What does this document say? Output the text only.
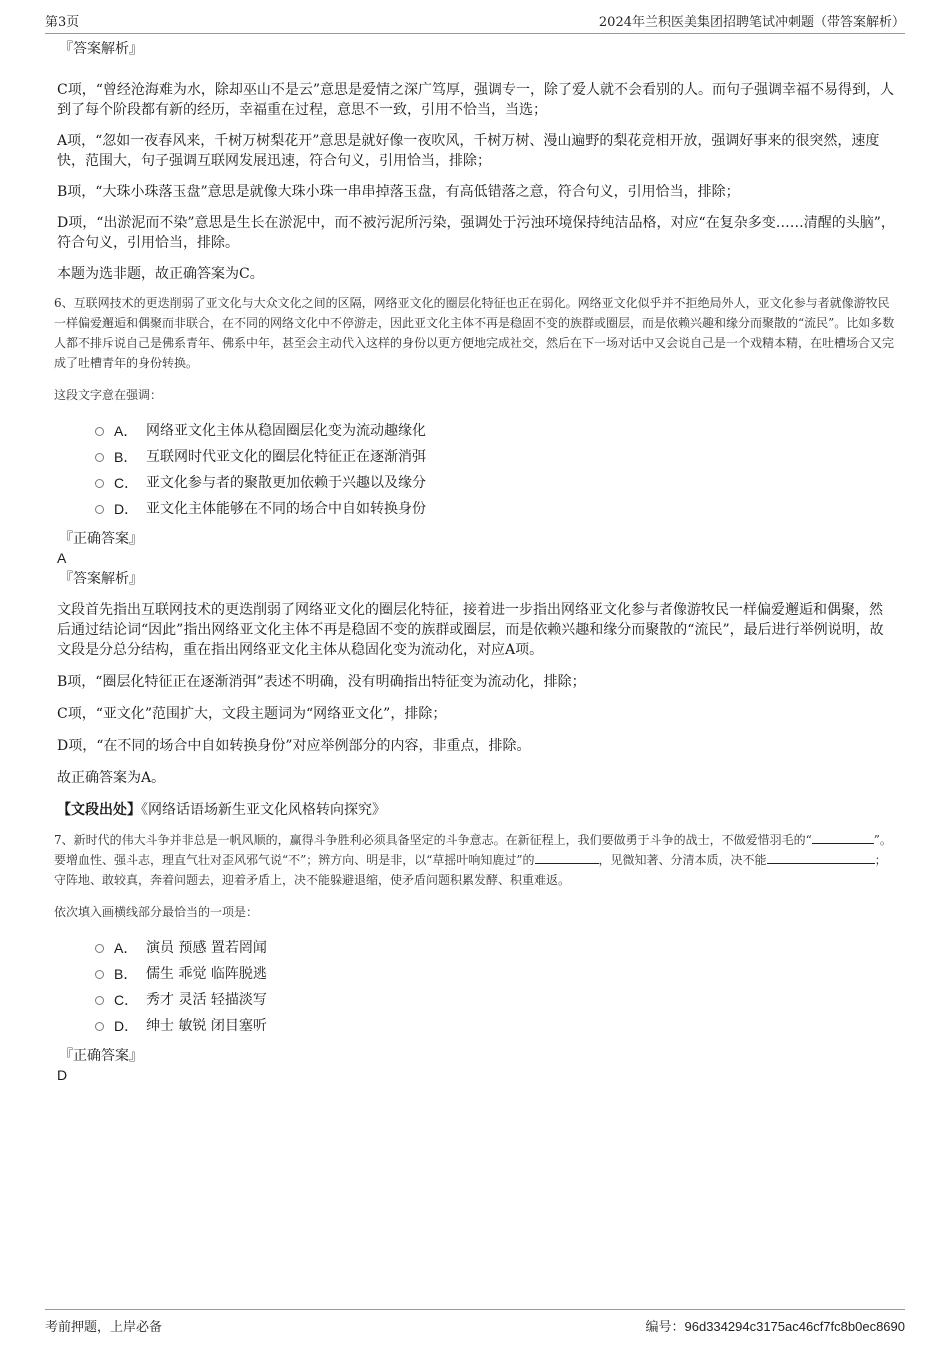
第3页	2024年兰积医美集团招聘笔试冲刺题（带答案解析）
『答案解析』
C项，“曾经沧海难为水，除却巫山不是云”意思是爱情之深广笃厚，强调专一，除了爱人就不会看别的人。而句子强调幸福不易得到，人到了每个阶段都有新的经历，幸福重在过程，意思不一致，引用不恰当，当选；
A项，“忽如一夜春风来，千树万树梨花开”意思是就好像一夜吹风，千树万树、漫山遍野的梨花竞相开放，强调好事来的很突然，速度快，范围大，句子强调互联网发展迅速，符合句义，引用恰当，排除；
B项，“大珠小珠落玉盘”意思是就像大珠小珠一串串掉落玉盘，有高低错落之意，符合句义，引用恰当，排除；
D项，“出淤泥而不染”意思是生长在淤泥中，而不被污泥所污染，强调处于污浊环境保持纯洁品格，对应“在复杂多变……清醒的头脑”，符合句义，引用恰当，排除。
本题为选非题，故正确答案为C。
6、互联网技术的更迭削弱了亚文化与大众文化之间的区隔，网络亚文化的圈层化特征也正在弱化。网络亚文化似乎并不拒绝局外人，亚文化参与者就像游牧民一样偏爱邂逅和偶聚而非联合，在不同的网络文化中不停游走，因此亚文化主体不再是稳固不变的族群或圈层，而是依赖兴趣和缘分而聚散的“流民”。比如多数人都不排斥说自己是佛系青年、佛系中年，甚至会主动代入这样的身份以更方便地完成社交，然后在下一场对话中又会说自己是一个戏精本精，在吐槽场合又完成了吐槽青年的身份转换。
这段文字意在强调：
A． 网络亚文化主体从稳固圈层化变为流动趣缘化
B． 互联网时代亚文化的圈层化特征正在逐渐消弭
C． 亚文化参与者的聚散更加依赖于兴趣以及缘分
D． 亚文化主体能够在不同的场合中自如转换身份
『正确答案』
A
『答案解析』
文段首先指出互联网技术的更迭削弱了网络亚文化的圈层化特征，接着进一步指出网络亚文化参与者像游牧民一样偏爱邂逅和偶聚，然后通过结论词“因此”指出网络亚文化主体不再是稳固不变的族群或圈层，而是依赖兴趣和缘分而聚散的“流民”，最后进行举例说明，故文段是分总分结构，重在指出网络亚文化主体从稳固化变为流动化，对应A项。
B项，“圈层化特征正在逐渐消弭”表述不明确，没有明确指出特征变为流动化，排除；
C项，“亚文化”范围扩大，文段主题词为“网络亚文化”，排除；
D项，“在不同的场合中自如转换身份”对应举例部分的内容，非重点，排除。
故正确答案为A。
【文段出处】《网络话语场新生亚文化风格转向探究》
7、新时代的伟大斗争并非总是一帆风顺的，赢得斗争胜利必须具备坚定的斗争意志。在新征程上，我们要做勇于斗争的战士，不做爱惜羽毛的“	”。要增血性、强斗志，理直气壮对歪风邪气说“不”；辨方向、明是非，以“草摇叶响知鹿过”的	，见微知著、分清本质，决不能	；守阵地、敢较真，奔着问题去，迎着矛盾上，决不能躲避退缩，使矛盾问题积累发酵、积重难返。
依次填入画横线部分最恰当的一项是：
A． 演员 预感 置若罔闻
B． 儒生 乖觉 临阵脱逃
C． 秀才 灵活 轻描淡写
D． 绅士 敏锐 闭目塞听
『正确答案』
D
考前押题，上岸必备	编号：96d334294c3175ac46cf7fc8b0ec8690
